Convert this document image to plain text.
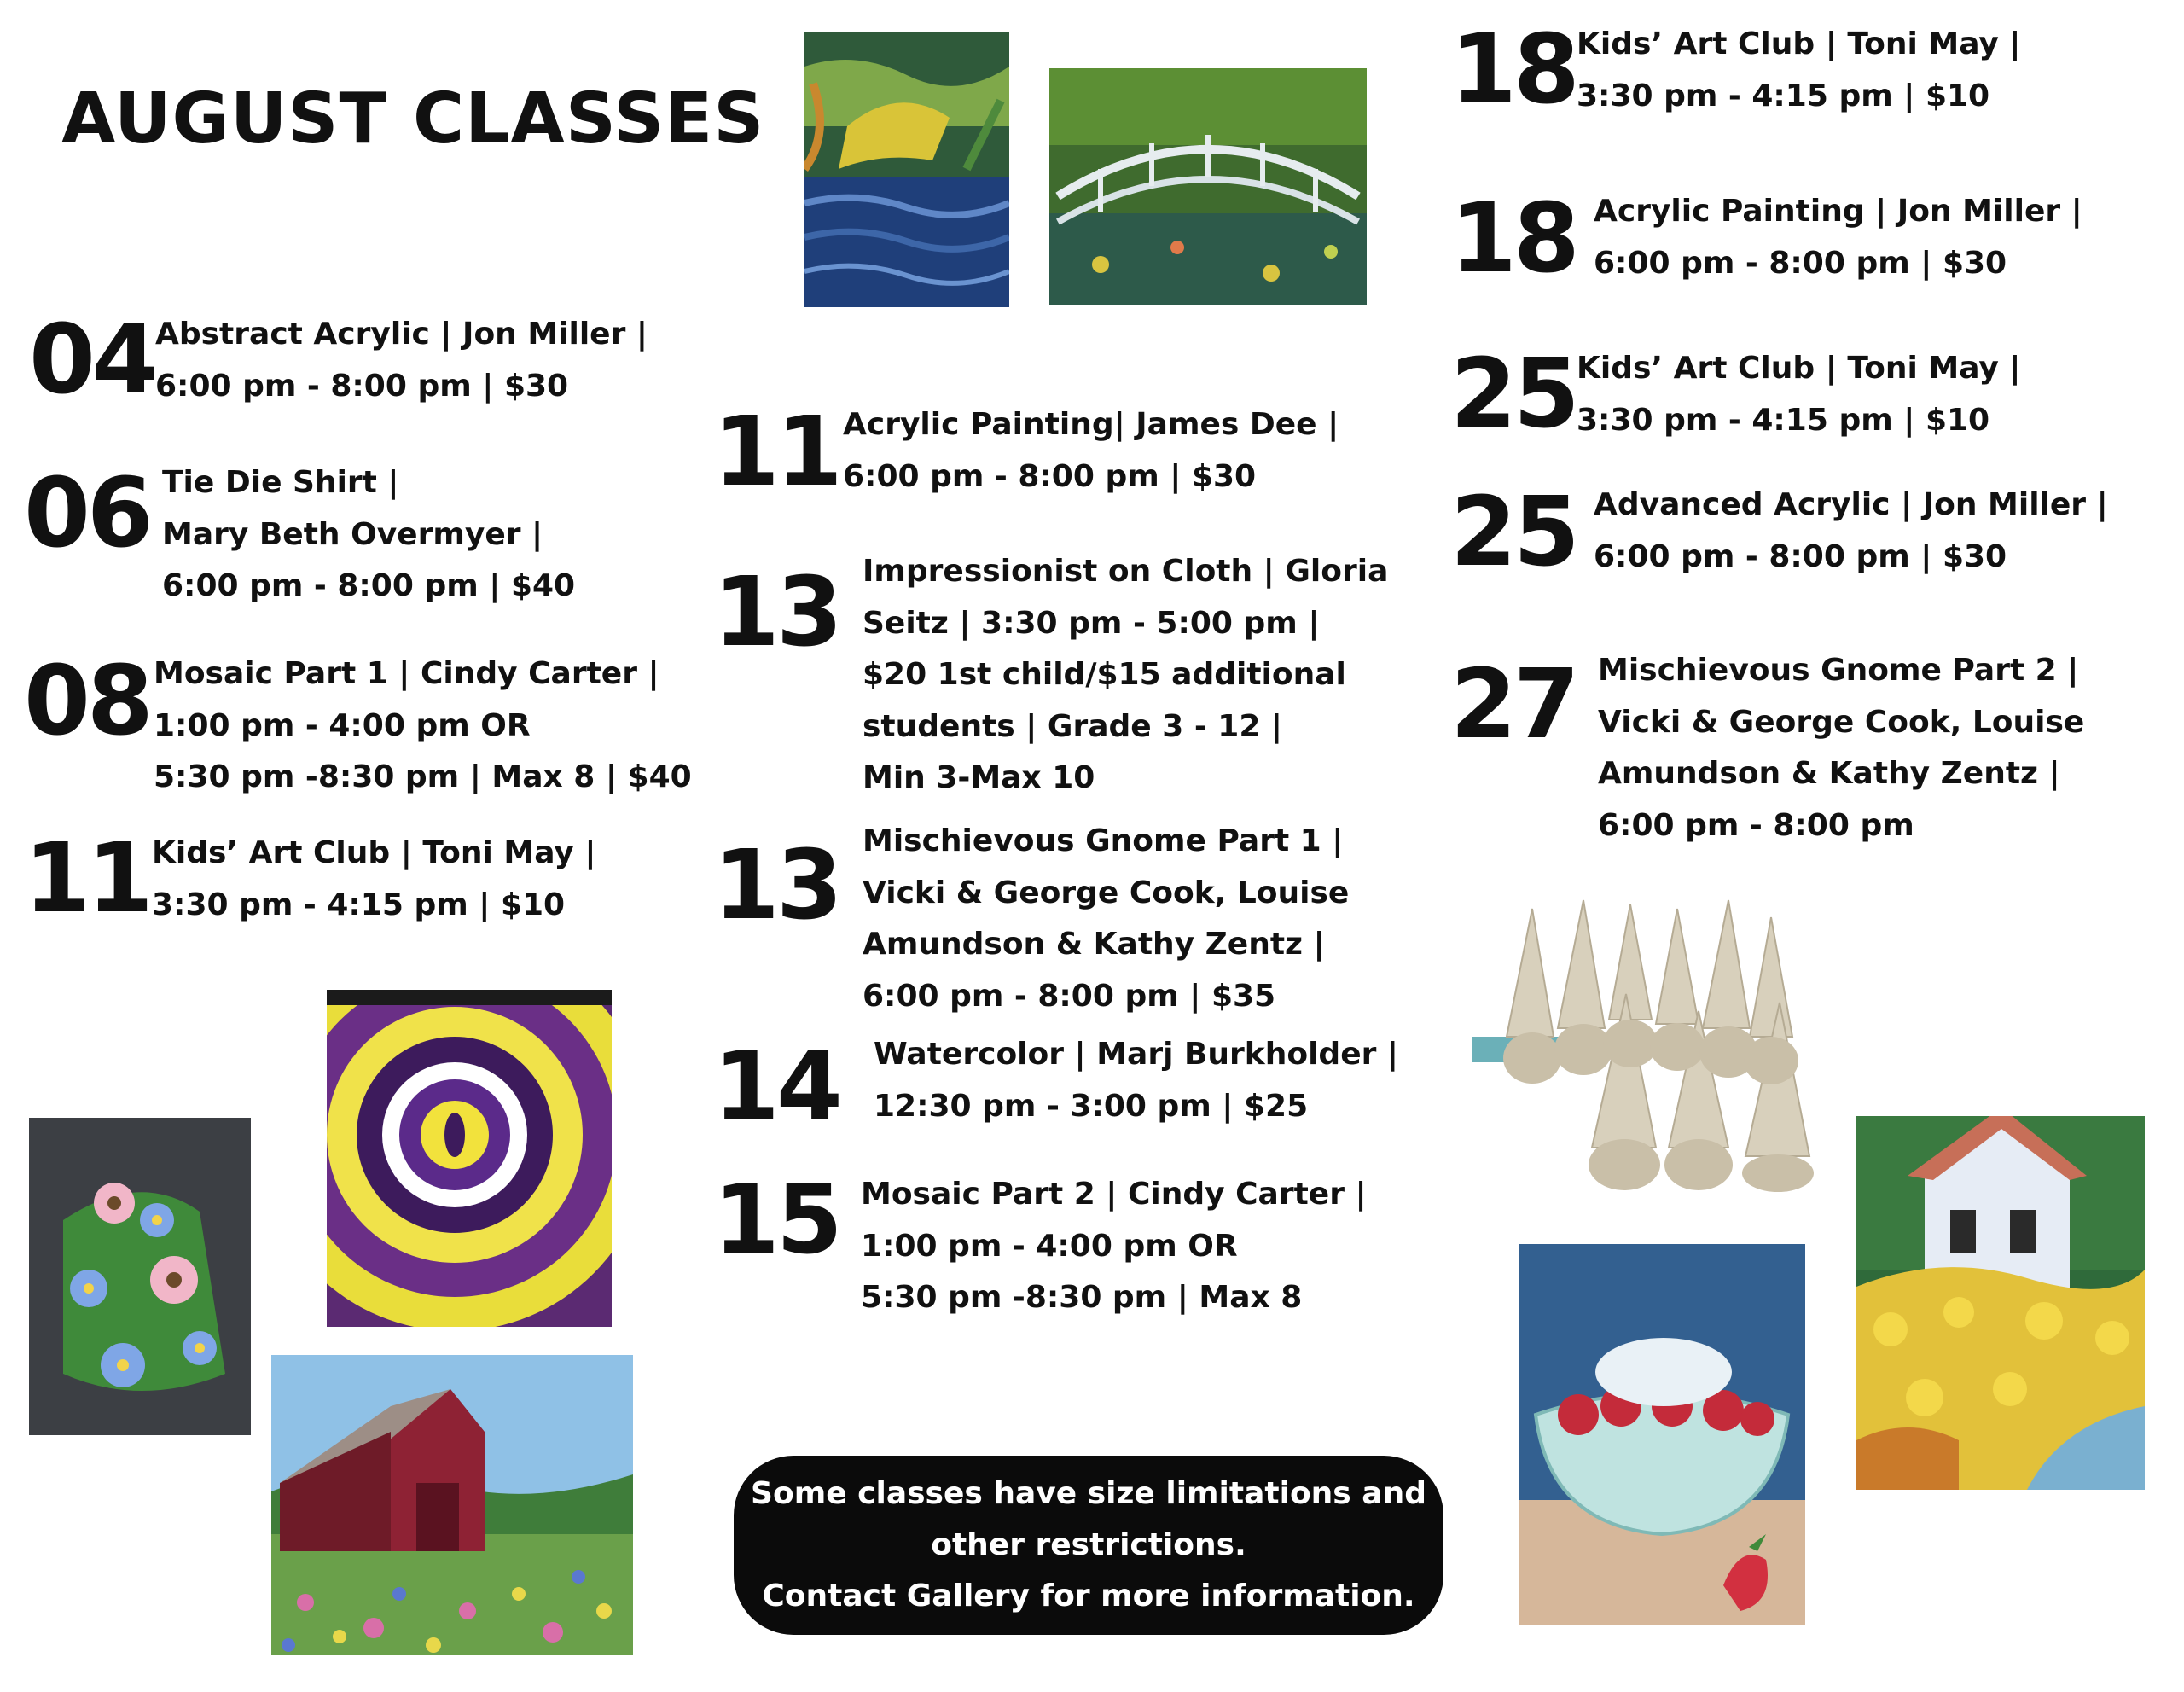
AUGUST CLASSES
04 Abstract Acrylic | Jon Miller |
6:00 pm - 8:00 pm | $30
06 Tie Die Shirt |
Mary Beth Overmyer |
6:00 pm - 8:00 pm | $40
08 Mosaic Part 1 | Cindy Carter |
1:00 pm - 4:00 pm OR
5:30 pm -8:30 pm | Max 8 | $40
11 Kids’ Art Club | Toni May |
3:30 pm - 4:15 pm | $10
11 Acrylic Painting| James Dee |
6:00 pm - 8:00 pm | $30
13 Impressionist on Cloth | Gloria
Seitz | 3:30 pm - 5:00 pm |
$20 1st child/$15 additional
students | Grade 3 - 12 |
Min 3-Max 10
13 Mischievous Gnome Part 1 |
Vicki & George Cook, Louise
Amundson & Kathy Zentz |
6:00 pm - 8:00 pm | $35
14 Watercolor | Marj Burkholder |
12:30 pm - 3:00 pm | $25
15 Mosaic Part 2 | Cindy Carter |
1:00 pm - 4:00 pm OR
5:30 pm -8:30 pm | Max 8
18 Kids’ Art Club | Toni May |
3:30 pm - 4:15 pm | $10
18 Acrylic Painting | Jon Miller |
6:00 pm - 8:00 pm | $30
25 Kids’ Art Club | Toni May |
3:30 pm - 4:15 pm | $10
25 Advanced Acrylic | Jon Miller |
6:00 pm - 8:00 pm | $30
27 Mischievous Gnome Part 2 |
Vicki & George Cook, Louise
Amundson & Kathy Zentz |
6:00 pm - 8:00 pm
Some classes have size limitations and
other restrictions.
Contact Gallery for more information.
